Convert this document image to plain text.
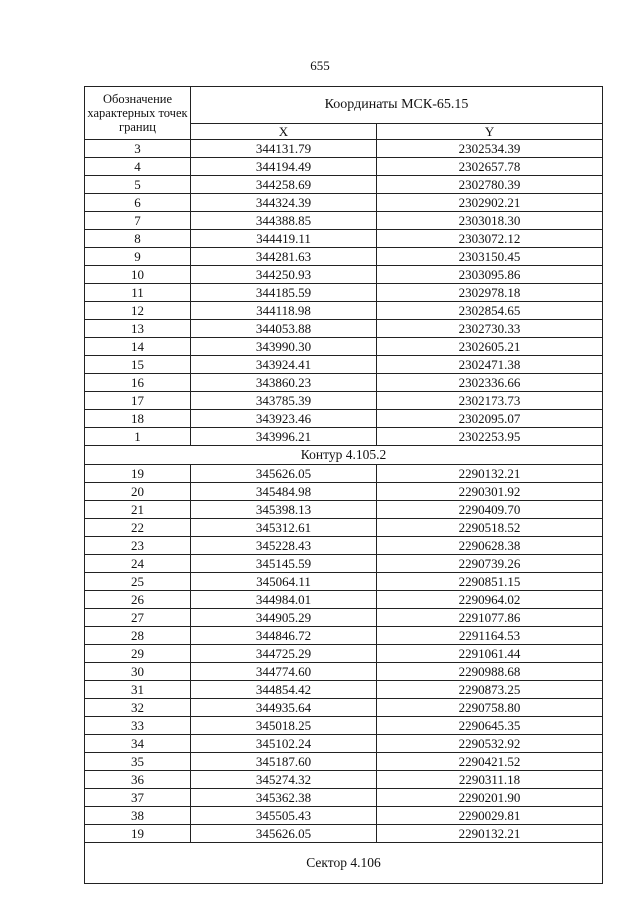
655
Обозначение характерных точек границ	Координаты МСК-65.15	
	X	Y
3	344131.79	2302534.39
4	344194.49	2302657.78
5	344258.69	2302780.39
6	344324.39	2302902.21
7	344388.85	2303018.30
8	344419.11	2303072.12
9	344281.63	2303150.45
10	344250.93	2303095.86
11	344185.59	2302978.18
12	344118.98	2302854.65
13	344053.88	2302730.33
14	343990.30	2302605.21
15	343924.41	2302471.38
16	343860.23	2302336.66
17	343785.39	2302173.73
18	343923.46	2302095.07
1	343996.21	2302253.95
Контур 4.105.2		
19	345626.05	2290132.21
20	345484.98	2290301.92
21	345398.13	2290409.70
22	345312.61	2290518.52
23	345228.43	2290628.38
24	345145.59	2290739.26
25	345064.11	2290851.15
26	344984.01	2290964.02
27	344905.29	2291077.86
28	344846.72	2291164.53
29	344725.29	2291061.44
30	344774.60	2290988.68
31	344854.42	2290873.25
32	344935.64	2290758.80
33	345018.25	2290645.35
34	345102.24	2290532.92
35	345187.60	2290421.52
36	345274.32	2290311.18
37	345362.38	2290201.90
38	345505.43	2290029.81
19	345626.05	2290132.21
Сектор 4.106		
